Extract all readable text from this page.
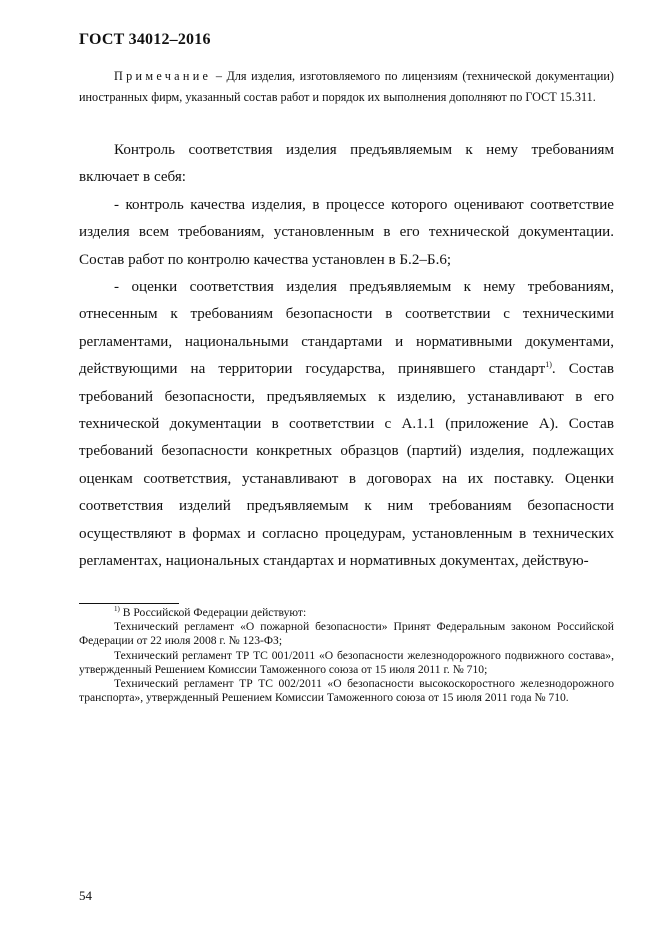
ГОСТ 34012–2016
Примечание – Для изделия, изготовляемого по лицензиям (технической документации) иностранных фирм, указанный состав работ и порядок их выполнения дополняют по ГОСТ 15.311.

Контроль соответствия изделия предъявляемым к нему требованиям включает в себя:

- контроль качества изделия, в процессе которого оценивают соответствие изделия всем требованиям, установленным в его технической документации. Состав работ по контролю качества установлен в Б.2–Б.6;

- оценки соответствия изделия предъявляемым к нему требованиям, отнесенным к требованиям безопасности в соответствии с техническими регламентами, национальными стандартами и нормативными документами, действующими на территории государства, принявшего стандарт$^{1)}$. Состав требований безопасности, предъявляемых к изделию, устанавливают в его технической документации в соответствии с А.1.1 (приложение А). Состав требований безопасности конкретных образцов (партий) изделия, подлежащих оценкам соответствия, устанавливают в договорах на их поставку. Оценки соответствия изделий предъявляемым к ним требованиям безопасности осуществляют в формах и согласно процедурам, установленным в технических регламентах, национальных стандартах и нормативных документах, действую-

$^{1)}$ В Российской Федерации действуют:

Технический регламент «О пожарной безопасности» Принят Федеральным законом Российской Федерации от 22 июля 2008 г. № 123-ФЗ;

Технический регламент ТР ТС 001/2011 «О безопасности железнодорожного подвижного состава», утвержденный Решением Комиссии Таможенного союза от 15 июля 2011 г. № 710;

Технический регламент ТР ТС 002/2011 «О безопасности высокоскоростного железнодорожного транспорта», утвержденный Решением Комиссии Таможенного союза от 15 июля 2011 года № 710.

54
